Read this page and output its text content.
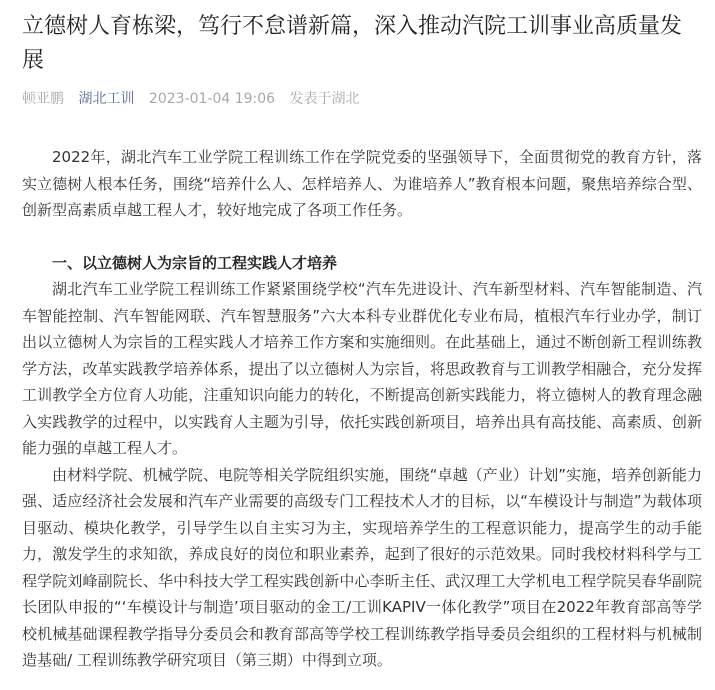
立德树人育栋梁，笃行不怠谱新篇，深入推动汽院工训事业高质量发展
顿亚鹏 湖北工训 2023-01-04 19:06 发表于湖北

2022年，湖北汽车工业学院工程训练工作在学院党委的坚强领导下，全面贯彻党的教育方针，落实立德树人根本任务，围绕“培养什么人、怎样培养人、为谁培养人”教育根本问题，聚焦培养综合型、创新型高素质卓越工程人才，较好地完成了各项工作任务。

一、以立德树人为宗旨的工程实践人才培养

湖北汽车工业学院工程训练工作紧紧围绕学校“汽车先进设计、汽车新型材料、汽车智能制造、汽车智能控制、汽车智能网联、汽车智慧服务”六大本科专业群优化专业布局，植根汽车行业办学，制订出以立德树人为宗旨的工程实践人才培养工作方案和实施细则。在此基础上，通过不断创新工程训练教学方法，改革实践教学培养体系，提出了以立德树人为宗旨，将思政教育与工训教学相融合，充分发挥工训教学全方位育人功能，注重知识向能力的转化，不断提高创新实践能力，将立德树人的教育理念融入实践教学的过程中，以实践育人主题为引导，依托实践创新项目，培养出具有高技能、高素质、创新能力强的卓越工程人才。

由材料学院、机械学院、电院等相关学院组织实施，围绕“卓越（产业）计划”实施，培养创新能力强、适应经济社会发展和汽车产业需要的高级专门工程技术人才的目标，以“车模设计与制造”为载体项目驱动、模块化教学，引导学生以自主实习为主，实现培养学生的工程意识能力，提高学生的动手能力，激发学生的求知欲，养成良好的岗位和职业素养，起到了很好的示范效果。同时我校材料科学与工程学院刘峰副院长、华中科技大学工程实践创新中心李昕主任、武汉理工大学机电工程学院吴春华副院长团队申报的“‘车模设计与制造’项目驱动的金工/工训KAPIV一体化教学”项目在2022年教育部高等学校机械基础课程教学指导分委员会和教育部高等学校工程训练教学指导委员会组织的工程材料与机械制造基础/ 工程训练教学研究项目（第三期）中得到立项。
